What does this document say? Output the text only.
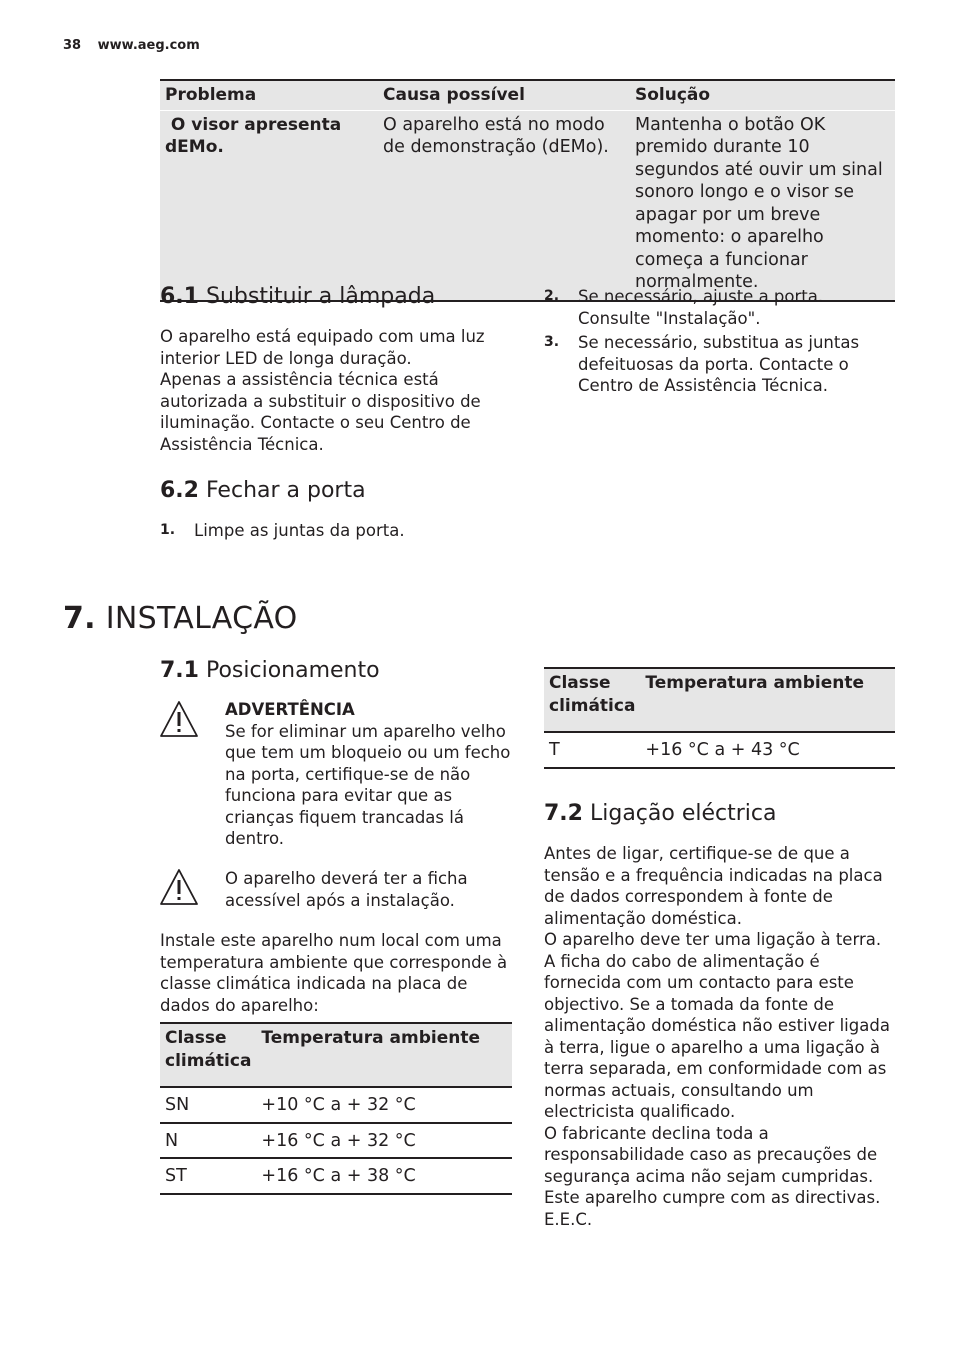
38 www.aeg.com
Problema	Causa possível	Solução
O visor apresenta dEMo.	O aparelho está no modo de demonstração (dEMo).	Mantenha o botão OK premido durante 10 segundos até ouvir um sinal sonoro longo e o visor se apagar por um breve momento: o aparelho começa a funcionar normalmente.
6.1 Substituir a lâmpada

O aparelho está equipado com uma luz interior LED de longa duração.

Apenas a assistência técnica está autorizada a substituir o dispositivo de iluminação. Contacte o seu Centro de Assistência Técnica.

6.2 Fechar a porta
1.	Limpe as juntas da porta.
2.	Se necessário, ajuste a porta. Consulte "Instalação".
3.	Se necessário, substitua as juntas defeituosas da porta. Contacte o Centro de Assistência Técnica.
7. INSTALAÇÃO
7.1 Posicionamento
ADVERTÊNCIA

Se for eliminar um aparelho velho que tem um bloqueio ou um fecho na porta, certifique-se de não funciona para evitar que as crianças fiquem trancadas lá dentro.

O aparelho deverá ter a ficha acessível após a instalação.

Instale este aparelho num local com uma temperatura ambiente que corresponde à classe climática indicada na placa de dados do aparelho:

Classe climática	Temperatura ambiente
SN	+10 °C a + 32 °C
N	+16 °C a + 32 °C
ST	+16 °C a + 38 °C
Classe climática	Temperatura ambiente
T	+16 °C a + 43 °C
7.2 Ligação eléctrica

Antes de ligar, certifique-se de que a tensão e a frequência indicadas na placa de dados correspondem à fonte de alimentação doméstica.

O aparelho deve ter uma ligação à terra. A ficha do cabo de alimentação é fornecida com um contacto para este objectivo. Se a tomada da fonte de alimentação doméstica não estiver ligada à terra, ligue o aparelho a uma ligação à terra separada, em conformidade com as normas actuais, consultando um electricista qualificado.

O fabricante declina toda a responsabilidade caso as precauções de segurança acima não sejam cumpridas.

Este aparelho cumpre com as directivas. E.E.C.
